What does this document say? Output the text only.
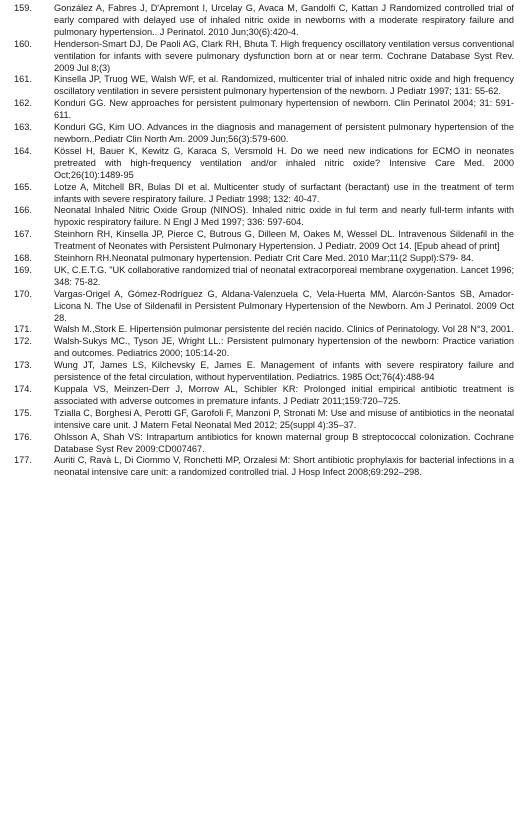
159.	González A, Fabres J, D'Apremont I, Urcelay G, Avaca M, Gandolfi C, Kattan J Randomized controlled trial of early compared with delayed use of inhaled nitric oxide in newborns with a moderate respiratory failure and pulmonary hypertension.. J Perinatol. 2010 Jun;30(6):420-4.
160.	Henderson-Smart DJ, De Paoli AG, Clark RH, Bhuta T. High frequency oscillatory ventilation versus conventional ventilation for infants with severe pulmonary dysfunction born at or near term. Cochrane Database Syst Rev. 2009 Jul 8;(3)
161.	Kinsella JP, Truog WE, Walsh WF, et al. Randomized, multicenter trial of inhaled nitric oxide and high frequency oscillatory ventilation in severe persistent pulmonary hypertension of the newborn. J Pediatr 1997; 131: 55-62.
162.	Konduri GG. New approaches for persistent pulmonary hypertension of newborn. Clin Perinatol 2004; 31: 591-611.
163.	Konduri GG, Kim UO. Advances in the diagnosis and management of persistent pulmonary hypertension of the newborn..Pediatr Clin North Am. 2009 Jun;56(3):579-600.
164.	Kössel H, Bauer K, Kewitz G, Karaca S, Versmold H. Do we need new indications for ECMO in neonates pretreated with high-frequency ventilation and/or inhaled nitric oxide? Intensive Care Med. 2000 Oct;26(10):1489-95
165.	Lotze A, Mitchell BR, Bulas DI et al. Multicenter study of surfactant (beractant) use in the treatment of term infants with severe respiratory failure. J Pediatr 1998; 132: 40-47.
166.	Neonatal Inhaled Nitric Oxide Group (NINOS). Inhaled nitric oxide in ful term and nearly full-term infants with hypoxic respiratory failure. N Engl J Med 1997; 336: 597-604.
167.	Steinhorn RH, Kinsella JP, Pierce C, Butrous G, Dilleen M, Oakes M, Wessel DL. Intravenous Sildenafil in the Treatment of Neonates with Persistent Pulmonary Hypertension. J Pediatr. 2009 Oct 14. [Epub ahead of print]
168.	Steinhorn RH.Neonatal pulmonary hypertension. Pediatr Crit Care Med. 2010 Mar;11(2 Suppl):S79- 84.
169.	UK, C.E.T.G. "UK collaborative randomized trial of neonatal extracorporeal membrane oxygenation. Lancet 1996; 348: 75-82.
170.	Vargas-Origel A, Gómez-Rodríguez G, Aldana-Valenzuela C, Vela-Huerta MM, Alarcón-Santos SB, Amador-Licona N. The Use of Sildenafil in Persistent Pulmonary Hypertension of the Newborn. Am J Perinatol. 2009 Oct 28.
171.	Walsh M.,Stork E. Hipertensión pulmonar persistente del recién nacido. Clinics of Perinatology. Vol 28 N°3, 2001.
172.	Walsh-Sukys MC., Tyson JE, Wright LL.: Persistent pulmonary hypertension of the newborn: Practice variation and outcomes. Pediatrics 2000; 105:14-20.
173.	Wung JT, James LS, Kilchevsky E, James E. Management of infants with severe respiratory failure and persistence of the fetal circulation, without hyperventilation. Pediatrics. 1985 Oct;76(4):488-94
174.	Kuppala VS, Meinzen-Derr J, Morrow AL, Schibler KR: Prolonged initial empirical antibiotic treatment is associated with adverse outcomes in premature infants. J Pediatr 2011;159:720–725.
175.	Tzialla C, Borghesi A, Perotti GF, Garofoli F, Manzoni P, Stronati M: Use and misuse of antibiotics in the neonatal intensive care unit. J Matern Fetal Neonatal Med 2012; 25(suppl 4):35–37.
176.	Ohlsson A, Shah VS: Intrapartum antibiotics for known maternal group B streptococcal colonization. Cochrane Database Syst Rev 2009:CD007467.
177.	Auriti C, Ravà L, Di Ciommo V, Ronchetti MP, Orzalesi M: Short antibiotic prophylaxis for bacterial infections in a neonatal intensive care unit: a randomized controlled trial. J Hosp Infect 2008;69:292–298.
